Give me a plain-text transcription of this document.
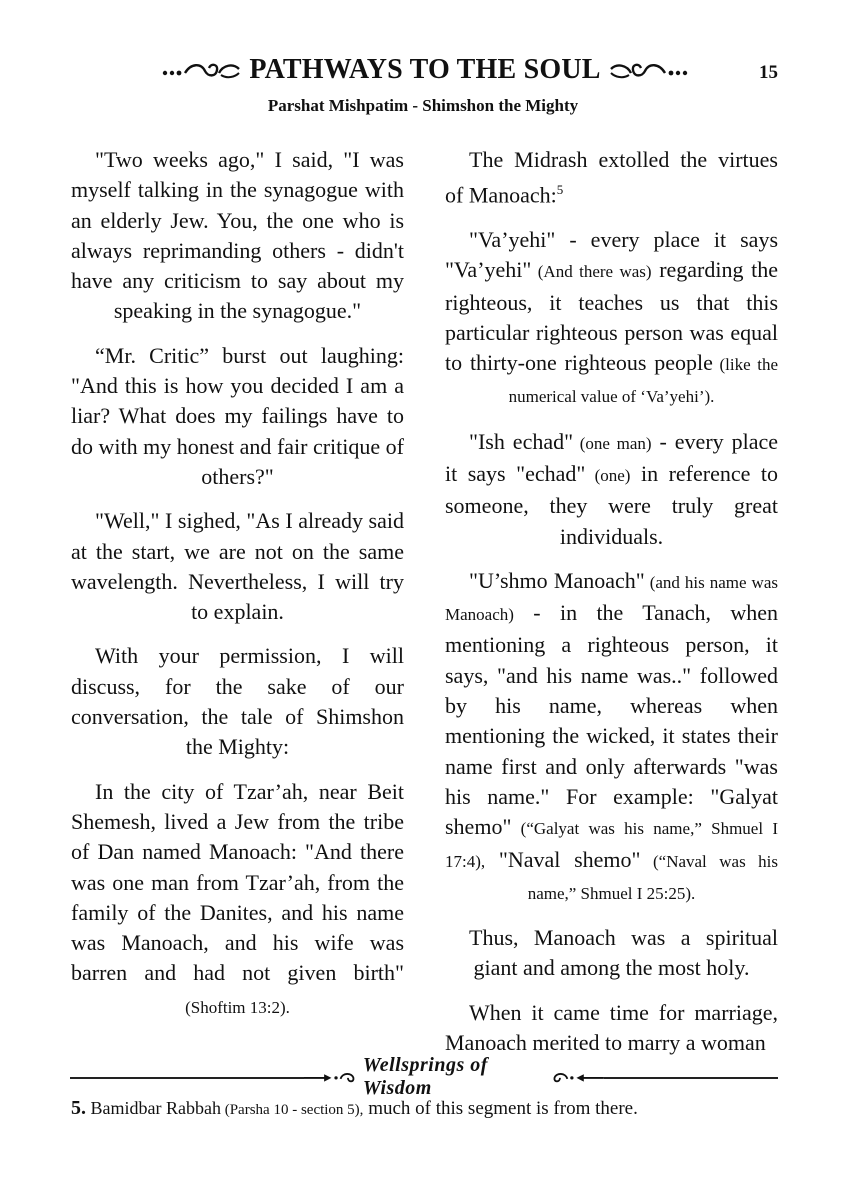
PATHWAYS TO THE SOUL	15
Parshat Mishpatim - Shimshon the Mighty

"Two weeks ago," I said, "I was myself talking in the synagogue with an elderly Jew. You, the one who is always reprimanding others - didn't have any criticism to say about my speaking in the synagogue."

“Mr. Critic” burst out laughing: "And this is how you decided I am a liar? What does my failings have to do with my honest and fair critique of others?"

"Well," I sighed, "As I already said at the start, we are not on the same wavelength. Nevertheless, I will try to explain.

With your permission, I will discuss, for the sake of our conversation, the tale of Shimshon the Mighty:

In the city of Tzar’ah, near Beit Shemesh, lived a Jew from the tribe of Dan named Manoach: "And there was one man from Tzar’ah, from the family of the Danites, and his name was Manoach, and his wife was barren and had not given birth" (Shoftim 13:2).

The Midrash extolled the virtues of Manoach:$^5$

"Va’yehi" - every place it says "Va’yehi" (And there was) regarding the righteous, it teaches us that this particular righteous person was equal to thirty-one righteous people (like the numerical value of ‘Va’yehi’).

"Ish echad" (one man) - every place it says "echad" (one) in reference to someone, they were truly great individuals.

"U’shmo Manoach" (and his name was Manoach) - in the Tanach, when mentioning a righteous person, it says, "and his name was.." followed by his name, whereas when mentioning the wicked, it states their name first and only afterwards "was his name." For example: "Galyat shemo" (“Galyat was his name,” Shmuel I 17:4), "Naval shemo" (“Naval was his name,” Shmuel I 25:25).

Thus, Manoach was a spiritual giant and among the most holy.

When it came time for marriage, Manoach merited to marry a woman

Wellsprings of Wisdom
5. Bamidbar Rabbah (Parsha 10 - section 5), much of this segment is from there.
